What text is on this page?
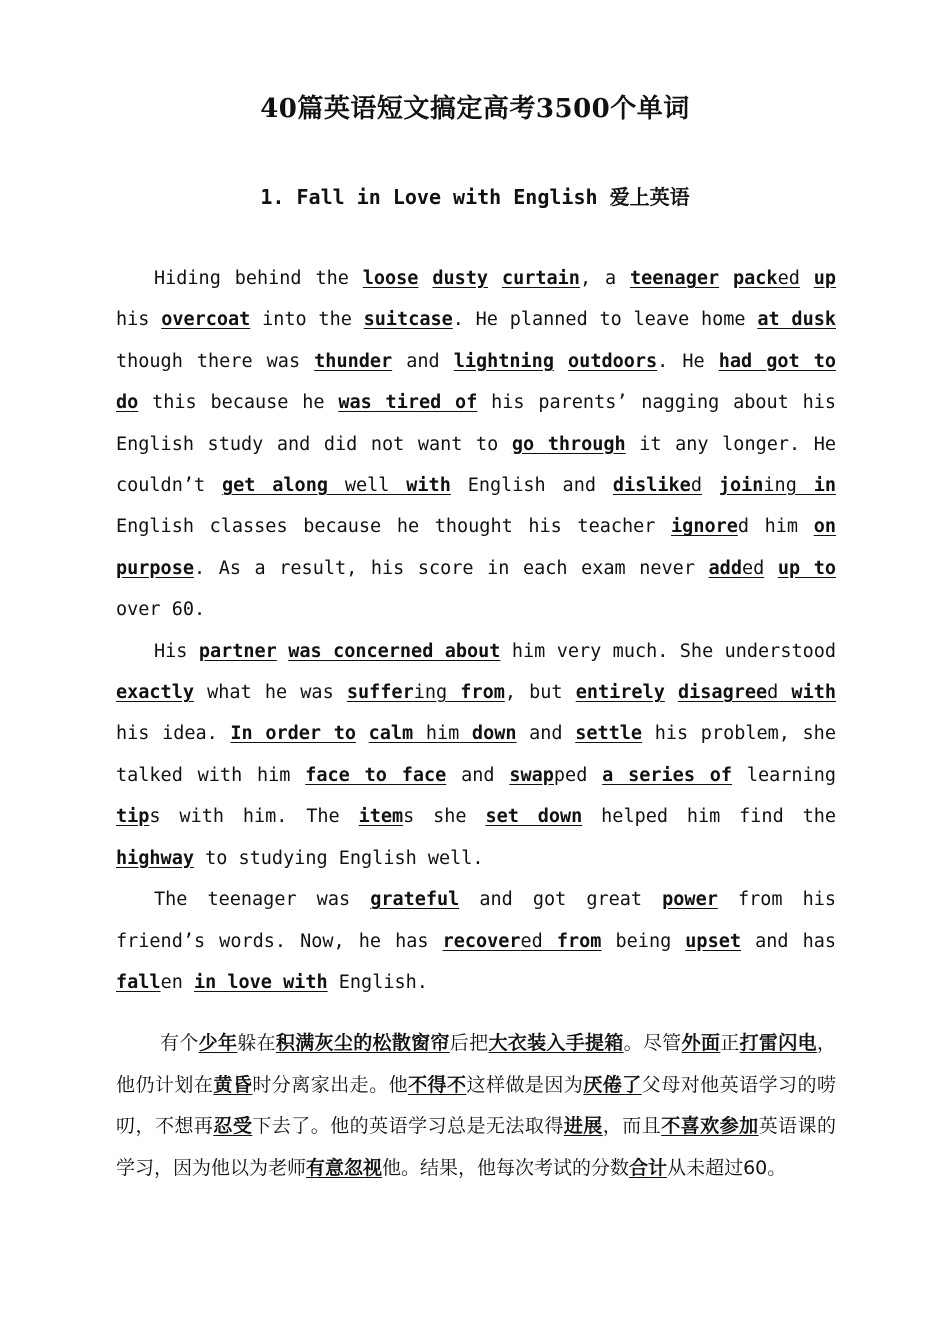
40篇英语短文搞定高考3500个单词
1. Fall in Love with English 爱上英语

Hiding behind the loose dusty curtain, a teenager packed up his overcoat into the suitcase. He planned to leave home at dusk though there was thunder and lightning outdoors. He had got to do this because he was tired of his parents’ nagging about his English study and did not want to go through it any longer. He couldn’t get along well with English and disliked joining in English classes because he thought his teacher ignored him on purpose. As a result, his score in each exam never added up to over 60.

His partner was concerned about him very much. She understood exactly what he was suffering from, but entirely disagreed with his idea. In order to calm him down and settle his problem, she talked with him face to face and swapped a series of learning tips with him. The items she set down helped him find the highway to studying English well.

The teenager was grateful and got great power from his friend’s words. Now, he has recovered from being upset and has fallen in love with English.

有个少年躲在积满灰尘的松散窗帘后把大衣装入手提箱。尽管外面正打雷闪电， 他仍计划在黄昏时分离家出走。他不得不这样做是因为厌倦了父母对他英语学习的唠叨，不想再忍受下去了。他的英语学习总是无法取得进展，而且不喜欢参加英语课的学习，因为他以为老师有意忽视他。结果，他每次考试的分数合计从未超过60。
